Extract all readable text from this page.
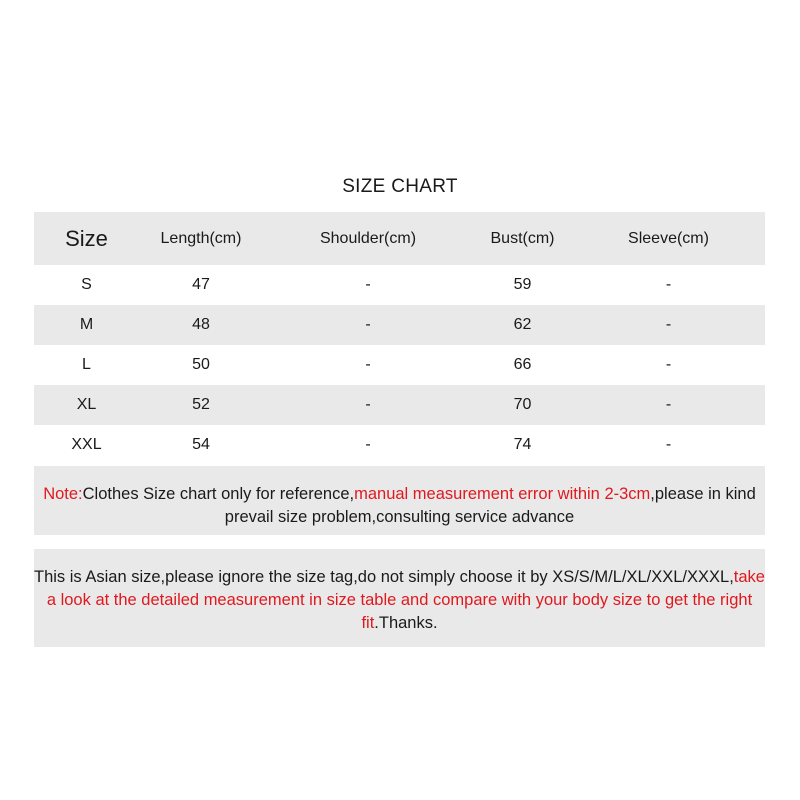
SIZE CHART
Size	Length(cm)	Shoulder(cm)	Bust(cm)	Sleeve(cm)
S	47	-	59	-
M	48	-	62	-
L	50	-	66	-
XL	52	-	70	-
XXL	54	-	74	-
Note:Clothes Size chart only for reference,manual measurement error within 2-3cm,please in kind prevail size problem,consulting service advance
This is Asian size,please ignore the size tag,do not simply choose it by XS/S/M/L/XL/XXL/XXXL,take a look at the detailed measurement in size table and compare with your body size to get the right fit.Thanks.
